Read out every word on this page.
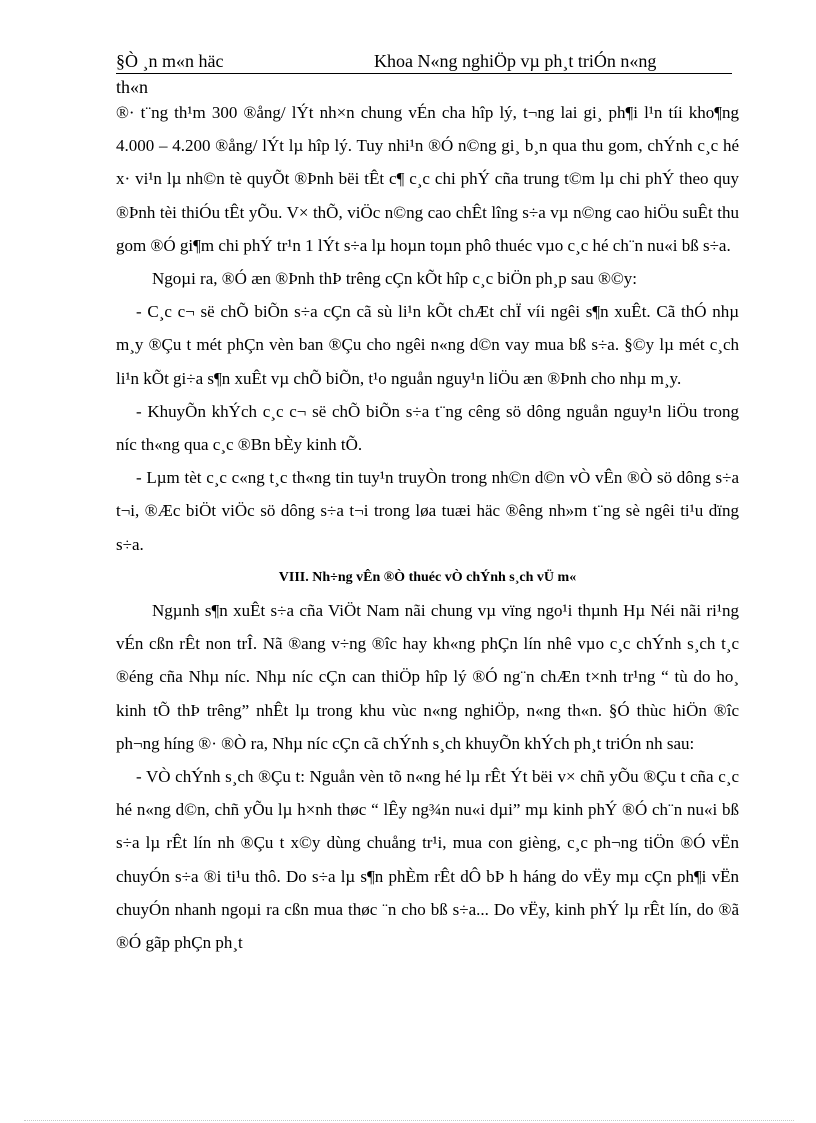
§Ò ¸n m«n häc	Khoa N«ng nghiÖp vµ ph¸t triÓn n«ng
th«n

®· t¨ng th¹m 300 ®ång/ lÝt nh×n chung vÉn cha hîp lý, t¬ng lai gi¸ ph¶i l¹n tíi kho¶ng 4.000 – 4.200 ®ång/ lÝt lµ hîp lý. Tuy nhi¹n ®Ó n©ng gi¸ b¸n qua thu gom, chÝnh c¸c hé x· vi¹n lµ nh©n tè quyÕt ®Þnh bëi tÊt c¶ c¸c chi phÝ cña trung t©m lµ chi phÝ theo quy ®Þnh tèi thiÓu tÊt yÕu. V× thÕ, viÖc n©ng cao chÊt lîng s÷a vµ n©ng cao hiÖu suÊt thu gom ®Ó gi¶m chi phÝ tr¹n 1 lÝt s÷a lµ hoµn toµn phô thuéc vµo c¸c hé ch¨n nu«i bß s÷a.

Ngoµi ra, ®Ó æn ®Þnh thÞ trêng cÇn kÕt hîp c¸c biÖn ph¸p sau ®©y:

- C¸c c¬ së chÕ biÕn s÷a cÇn cã sù li¹n kÕt chÆt chÏ víi ngêi s¶n xuÊt. Cã thÓ nhµ m¸y ®Çu t mét phÇn vèn ban ®Çu cho ngêi n«ng d©n vay mua bß s÷a. §©y lµ mét c¸ch li¹n kÕt gi÷a s¶n xuÊt vµ chÕ biÕn, t¹o nguån nguy¹n liÖu æn ®Þnh cho nhµ m¸y.

- KhuyÕn khÝch c¸c c¬ së chÕ biÕn s÷a t¨ng cêng sö dông nguån nguy¹n liÖu trong níc th«ng qua c¸c ®Bn bÈy kinh tÕ.

- Lµm tèt c¸c c«ng t¸c th«ng tin tuy¹n truyÒn trong nh©n d©n vÒ vÊn ®Ò sö dông s÷a t¬i, ®Æc biÖt viÖc sö dông s÷a t¬i trong løa tuæi häc ®êng nh»m t¨ng sè ngêi ti¹u dïng s÷a.

VIII. Nh÷ng vÊn ®Ò thuéc vÒ chÝnh s¸ch vÜ m«

Ngµnh s¶n xuÊt s÷a cña ViÖt Nam nãi chung vµ vïng ngo¹i thµnh Hµ Néi nãi ri¹ng vÉn cßn rÊt non trÎ. Nã ®ang v÷ng ®îc hay kh«ng phÇn lín nhê vµo c¸c chÝnh s¸ch t¸c ®éng cña Nhµ níc. Nhµ níc cÇn can thiÖp hîp lý ®Ó ng¨n chÆn t×nh tr¹ng “ tù do ho¸ kinh tÕ thÞ trêng” nhÊt lµ trong khu vùc n«ng nghiÖp, n«ng th«n. §Ó thùc hiÖn ®îc ph¬ng híng ®· ®Ò ra, Nhµ níc cÇn cã chÝnh s¸ch khuyÕn khÝch ph¸t triÓn nh sau:

- VÒ chÝnh s¸ch ®Çu t: Nguån vèn tõ n«ng hé lµ rÊt Ýt bëi v× chñ yÕu ®Çu t cña c¸c hé n«ng d©n, chñ yÕu lµ h×nh thøc “ lÊy ng¾n nu«i dµi” mµ kinh phÝ ®Ó ch¨n nu«i bß s÷a lµ rÊt lín nh ®Çu t x©y dùng chuång tr¹i, mua con gièng, c¸c ph¬ng tiÖn ®Ó vËn chuyÓn s÷a ®i ti¹u thô. Do s÷a lµ s¶n phÈm rÊt dÔ bÞ h háng do vËy mµ cÇn ph¶i vËn chuyÓn nhanh ngoµi ra cßn mua thøc ¨n cho bß s÷a... Do vËy, kinh phÝ lµ rÊt lín, do ®ã ®Ó gãp phÇn ph¸t
